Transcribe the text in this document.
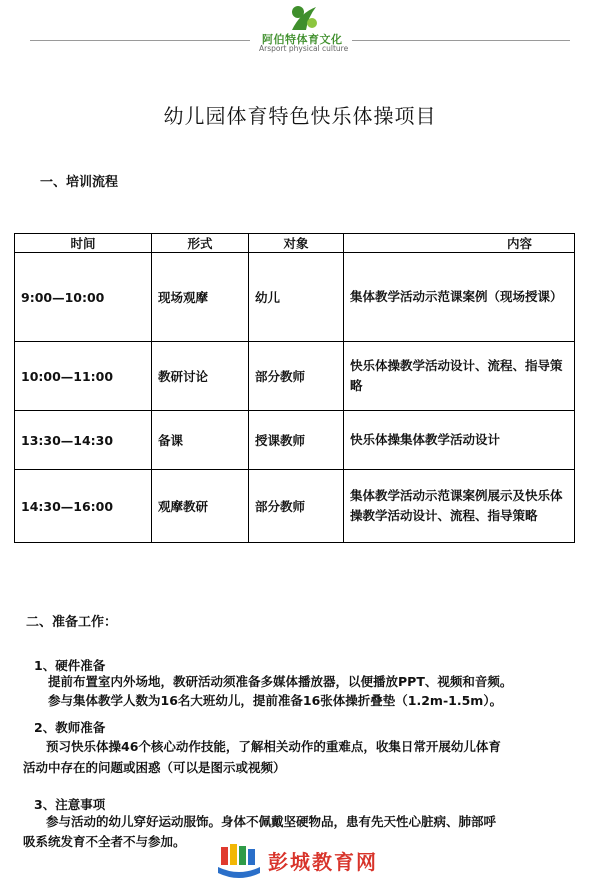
阿伯特体育文化
Arsport physical culture
幼儿园体育特色快乐体操项目
一、培训流程
时间	形式	对象	内容
9:00—10:00	现场观摩	幼儿	集体教学活动示范课案例（现场授课）
10:00—11:00	教研讨论	部分教师	快乐体操教学活动设计、流程、指导策略
13:30—14:30	备课	授课教师	快乐体操集体教学活动设计
14:30—16:00	观摩教研	部分教师	集体教学活动示范课案例展示及快乐体操教学活动设计、流程、指导策略
二、准备工作：
1、硬件准备
提前布置室内外场地，教研活动须准备多媒体播放器，以便播放PPT、视频和音频。
参与集体教学人数为16名大班幼儿，提前准备16张体操折叠垫（1.2m-1.5m）。
2、教师准备
预习快乐体操46个核心动作技能，了解相关动作的重难点，收集日常开展幼儿体育
活动中存在的问题或困惑（可以是图示或视频）
3、注意事项
参与活动的幼儿穿好运动服饰。身体不佩戴坚硬物品，患有先天性心脏病、肺部呼
吸系统发育不全者不与参加。
彭城教育网
